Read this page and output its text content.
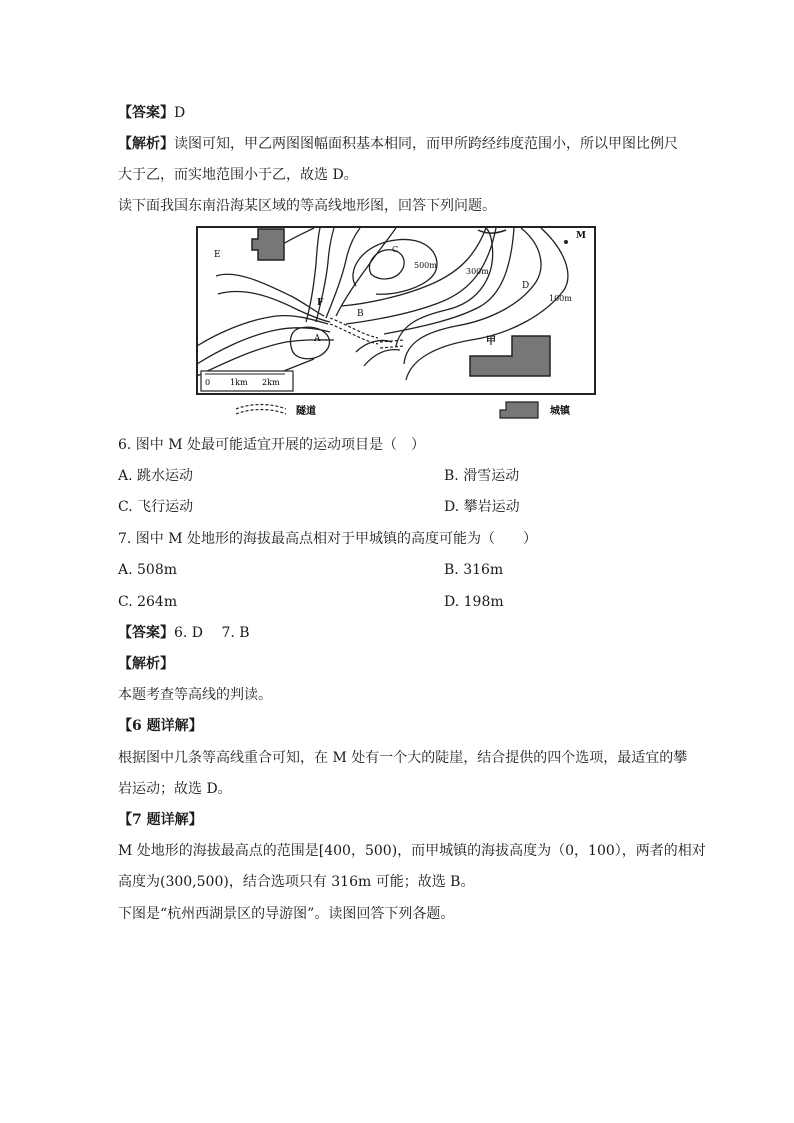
【答案】D
【解析】读图可知，甲乙两图图幅面积基本相同，而甲所跨经纬度范围小，所以甲图比例尺
大于乙，而实地范围小于乙，故选 D。
读下面我国东南沿海某区域的等高线地形图，回答下列问题。
0 1km 2km
E
F
B
C
A
D
M
500m
300m
100m
甲
隧道	城镇
6. 图中 M 处最可能适宜开展的运动项目是（　）
A. 跳水运动	B. 滑雪运动
C. 飞行运动	D. 攀岩运动
7. 图中 M 处地形的海拔最高点相对于甲城镇的高度可能为（　　）
A. 508m	B. 316m
C. 264m	D. 198m
【答案】6. D　 7. B
【解析】
本题考查等高线的判读。
【6 题详解】
根据图中几条等高线重合可知，在 M 处有一个大的陡崖，结合提供的四个选项，最适宜的攀
岩运动；故选 D。
【7 题详解】
M 处地形的海拔最高点的范围是[400，500)，而甲城镇的海拔高度为（0，100），两者的相对
高度为(300,500)，结合选项只有 316m 可能；故选 B。
下图是“杭州西湖景区的导游图”。读图回答下列各题。
